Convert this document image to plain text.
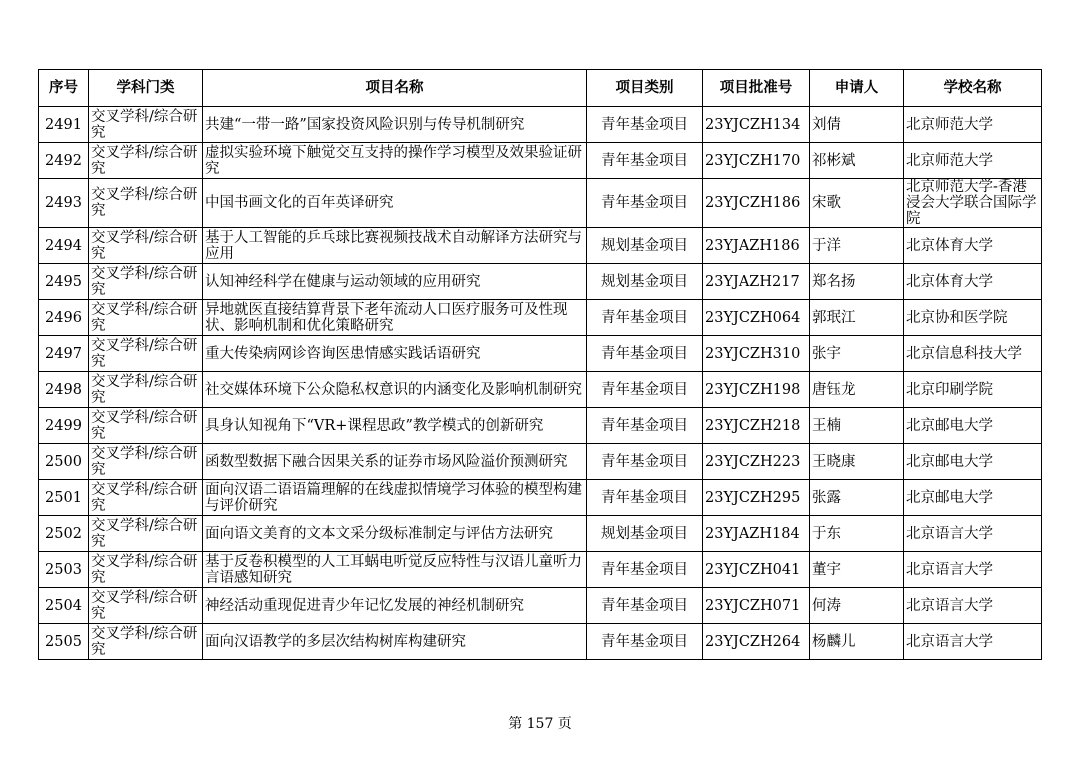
序号	学科门类	项目名称	项目类别	项目批准号	申请人	学校名称
2491	交叉学科/综合研究	共建“一带一路”国家投资风险识别与传导机制研究	青年基金项目	23YJCZH134	刘倩	北京师范大学
2492	交叉学科/综合研究	虚拟实验环境下触觉交互支持的操作学习模型及效果验证研究	青年基金项目	23YJCZH170	祁彬斌	北京师范大学
2493	交叉学科/综合研究	中国书画文化的百年英译研究	青年基金项目	23YJCZH186	宋歌	北京师范大学-香港浸会大学联合国际学院
2494	交叉学科/综合研究	基于人工智能的乒乓球比赛视频技战术自动解译方法研究与应用	规划基金项目	23YJAZH186	于洋	北京体育大学
2495	交叉学科/综合研究	认知神经科学在健康与运动领域的应用研究	规划基金项目	23YJAZH217	郑名扬	北京体育大学
2496	交叉学科/综合研究	异地就医直接结算背景下老年流动人口医疗服务可及性现状、影响机制和优化策略研究	青年基金项目	23YJCZH064	郭珉江	北京协和医学院
2497	交叉学科/综合研究	重大传染病网诊咨询医患情感实践话语研究	青年基金项目	23YJCZH310	张宇	北京信息科技大学
2498	交叉学科/综合研究	社交媒体环境下公众隐私权意识的内涵变化及影响机制研究	青年基金项目	23YJCZH198	唐钰龙	北京印刷学院
2499	交叉学科/综合研究	具身认知视角下“VR+课程思政”教学模式的创新研究	青年基金项目	23YJCZH218	王楠	北京邮电大学
2500	交叉学科/综合研究	函数型数据下融合因果关系的证券市场风险溢价预测研究	青年基金项目	23YJCZH223	王晓康	北京邮电大学
2501	交叉学科/综合研究	面向汉语二语语篇理解的在线虚拟情境学习体验的模型构建与评价研究	青年基金项目	23YJCZH295	张露	北京邮电大学
2502	交叉学科/综合研究	面向语文美育的文本文采分级标准制定与评估方法研究	规划基金项目	23YJAZH184	于东	北京语言大学
2503	交叉学科/综合研究	基于反卷积模型的人工耳蜗电听觉反应特性与汉语儿童听力言语感知研究	青年基金项目	23YJCZH041	董宇	北京语言大学
2504	交叉学科/综合研究	神经活动重现促进青少年记忆发展的神经机制研究	青年基金项目	23YJCZH071	何涛	北京语言大学
2505	交叉学科/综合研究	面向汉语教学的多层次结构树库构建研究	青年基金项目	23YJCZH264	杨麟儿	北京语言大学
第 157 页
